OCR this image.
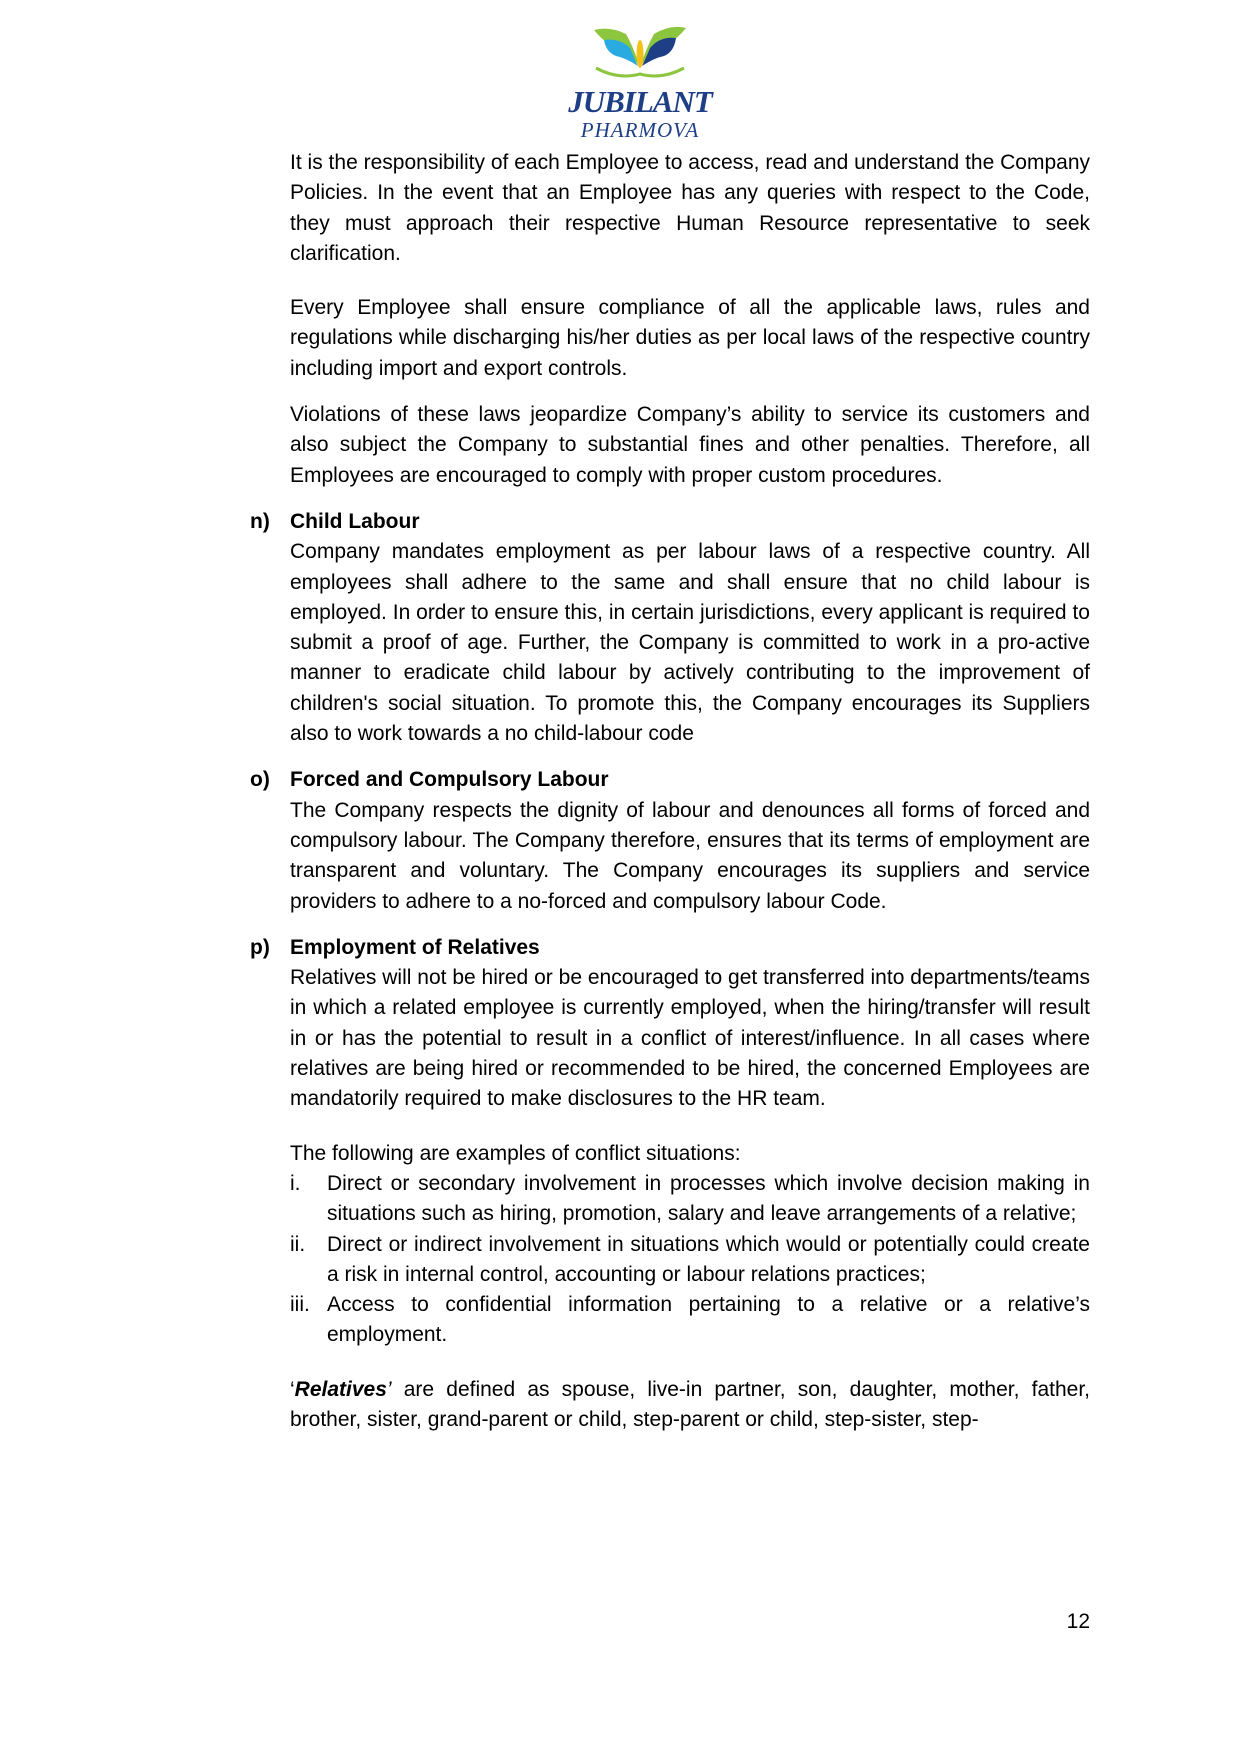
JUBILANT
PHARMOVA

It is the responsibility of each Employee to access, read and understand the Company Policies. In the event that an Employee has any queries with respect to the Code, they must approach their respective Human Resource representative to seek clarification.

Every Employee shall ensure compliance of all the applicable laws, rules and regulations while discharging his/her duties as per local laws of the respective country including import and export controls.

Violations of these laws jeopardize Company’s ability to service its customers and also subject the Company to substantial fines and other penalties. Therefore, all Employees are encouraged to comply with proper custom procedures.

n) Child Labour

Company mandates employment as per labour laws of a respective country. All employees shall adhere to the same and shall ensure that no child labour is employed. In order to ensure this, in certain jurisdictions, every applicant is required to submit a proof of age. Further, the Company is committed to work in a pro-active manner to eradicate child labour by actively contributing to the improvement of children's social situation. To promote this, the Company encourages its Suppliers also to work towards a no child-labour code

o) Forced and Compulsory Labour

The Company respects the dignity of labour and denounces all forms of forced and compulsory labour. The Company therefore, ensures that its terms of employment are transparent and voluntary. The Company encourages its suppliers and service providers to adhere to a no-forced and compulsory labour Code.

p) Employment of Relatives

Relatives will not be hired or be encouraged to get transferred into departments/teams in which a related employee is currently employed, when the hiring/transfer will result in or has the potential to result in a conflict of interest/influence. In all cases where relatives are being hired or recommended to be hired, the concerned Employees are mandatorily required to make disclosures to the HR team.

The following are examples of conflict situations:

i. Direct or secondary involvement in processes which involve decision making in situations such as hiring, promotion, salary and leave arrangements of a relative;
ii. Direct or indirect involvement in situations which would or potentially could create a risk in internal control, accounting or labour relations practices;
iii. Access to confidential information pertaining to a relative or a relative’s employment.

‘Relatives’ are defined as spouse, live-in partner, son, daughter, mother, father, brother, sister, grand-parent or child, step-parent or child, step-sister, step-

12
